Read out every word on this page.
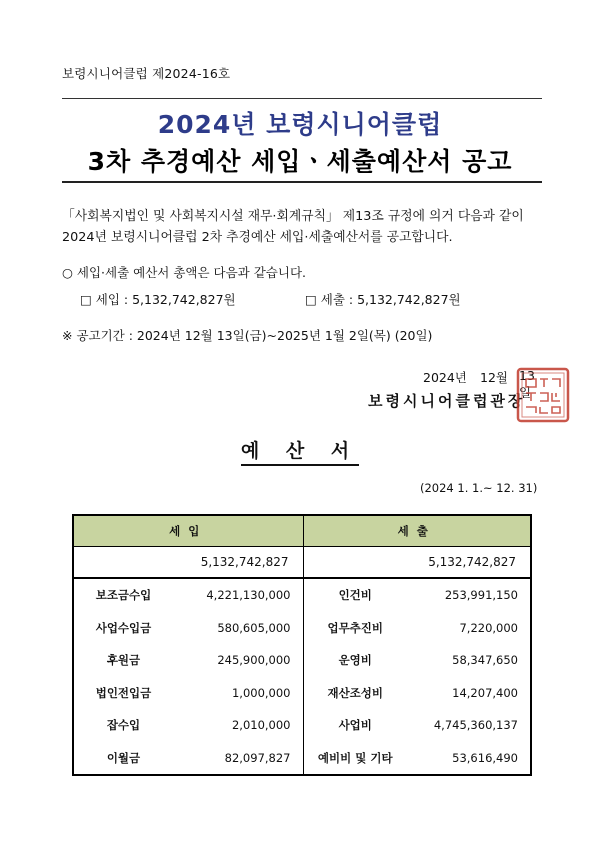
보령시니어클럽 제2024-16호
2024년 보령시니어클럽
3차 추경예산 세입ㆍ세출예산서 공고
「사회복지법인 및 사회복지시설 재무·회계규칙」 제13조 규정에 의거 다음과 같이 2024년 보령시니어클럽 2차 추경예산 세입·세출예산서를 공고합니다.
○ 세입·세출 예산서 총액은 다음과 같습니다.
□ 세입 : 5,132,742,827원	□ 세출 : 5,132,742,827원
※ 공고기간 : 2024년 12월 13일(금)~2025년 1월 2일(목) (20일)
2024년 12월 13일
보령시니어클럽관장
예 산 서
(2024 1. 1.~ 12. 31)
세입		세출	
5,132,742,827		5,132,742,827	
보조금수입	4,221,130,000	인건비	253,991,150
사업수입금	580,605,000	업무추진비	7,220,000
후원금	245,900,000	운영비	58,347,650
법인전입금	1,000,000	재산조성비	14,207,400
잡수입	2,010,000	사업비	4,745,360,137
이월금	82,097,827	예비비 및 기타	53,616,490
